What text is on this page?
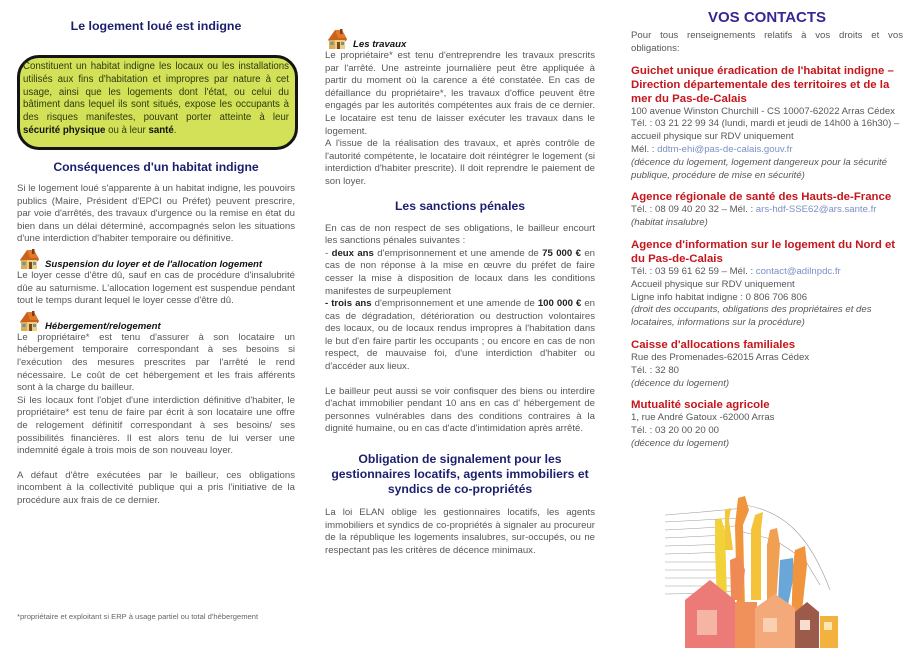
Le logement loué est indigne

Constituent un habitat indigne les locaux ou les installations utilisés aux fins d'habitation et impropres par nature à cet usage, ainsi que les logements dont l'état, ou celui du bâtiment dans lequel ils sont situés, expose les occupants à des risques manifestes, pouvant porter atteinte à leur sécurité physique ou à leur santé.

Conséquences d'un habitat indigne

Si le logement loué s'apparente à un habitat indigne, les pouvoirs publics (Maire, Président d'EPCI ou Préfet) peuvent prescrire, par voie d'arrêtés, des travaux d'urgence ou la remise en état du bien dans un délai déterminé, accompagnés selon les situations d'une interdiction d'habiter temporaire ou définitive.

Suspension du loyer et de l'allocation logement

Le loyer cesse d'être dû, sauf en cas de procédure d'insalubrité dûe au saturnisme. L'allocation logement est suspendue pendant tout le temps durant lequel le loyer cesse d'être dû.

Hébergement/relogement

Le propriétaire* est tenu d'assurer à son locataire un hébergement temporaire correspondant à ses besoins si l'exécution des mesures prescrites par l'arrêté le rend nécessaire. Le coût de cet hébergement et les frais afférents sont à la charge du bailleur.

Si les locaux font l'objet d'une interdiction définitive d'habiter, le propriétaire* est tenu de faire par écrit à son locataire une offre de relogement définitif correspondant à ses besoins/ ses possibilités financières. Il est alors tenu de lui verser une indemnité égale à trois mois de son nouveau loyer.

A défaut d'être exécutées par le bailleur, ces obligations incombent à la collectivité publique qui a pris l'initiative de la procédure aux frais de ce dernier.

*propriétaire et exploitant si ERP à usage partiel ou total d'hébergement
Les travaux

Le propriétaire* est tenu d'entreprendre les travaux prescrits par l'arrêté. Une astreinte journalière peut être appliquée à partir du moment où la carence a été constatée. En cas de défaillance du propriétaire*, les travaux d'office peuvent être engagés par les autorités compétentes aux frais de ce dernier. Le locataire est tenu de laisser exécuter les travaux dans le logement.

A l'issue de la réalisation des travaux, et après contrôle de l'autorité compétente, le locataire doit réintégrer le logement (si interdiction d'habiter prescrite). Il doit reprendre le paiement de son loyer.

Les sanctions pénales

En cas de non respect de ses obligations, le bailleur encourt les sanctions pénales suivantes :

- deux ans d'emprisonnement et une amende de 75 000 € en cas de non réponse à la mise en œuvre du préfet de faire cesser la mise à disposition de locaux dans les conditions manifestes de surpeuplement

- trois ans d'emprisonnement et une amende de 100 000 € en cas de dégradation, détérioration ou destruction volontaires des locaux, ou de locaux rendus impropres à l'habitation dans le but d'en faire partir les occupants ; ou encore en cas de non respect, de mauvaise foi, d'une interdiction d'habiter ou d'accéder aux lieux.

Le bailleur peut aussi se voir confisquer des biens ou interdire d'achat immobilier pendant 10 ans en cas d' hébergement de personnes vulnérables dans des conditions contraires à la dignité humaine, ou en cas d'acte d'intimidation après arrêté.

Obligation de signalement pour les gestionnaires locatifs, agents immobiliers et syndics de co-propriétés

La loi ELAN oblige les gestionnaires locatifs, les agents immobiliers et syndics de co-propriétés à signaler au procureur de la république les logements insalubres, sur-occupés, ou ne respectant pas les critères de décence minimaux.

VOS CONTACTS

Pour tous renseignements relatifs à vos droits et vos obligations:

Guichet unique éradication de l'habitat indigne – Direction départementale des territoires et de la mer du Pas-de-Calais

100 avenue Winston Churchill - CS 10007-62022 Arras Cédex

Tél. : 03 21 22 99 34 (lundi, mardi et jeudi de 14h00 à 16h30) – accueil physique sur RDV uniquement

Mél. : ddtm-ehi@pas-de-calais.gouv.fr

(décence du logement, logement dangereux pour la sécurité publique, procédure de mise en sécurité)

Agence régionale de santé des Hauts-de-France

Tél. : 08 09 40 20 32 – Mél. : ars-hdf-SSE62@ars.sante.fr

(habitat insalubre)

Agence d'information sur le logement du Nord et du Pas-de-Calais

Tél. : 03 59 61 62 59 – Mél. : contact@adilnpdc.fr

Accueil physique sur RDV uniquement

Ligne info habitat indigne : 0 806 706 806

(droit des occupants, obligations des propriétaires et des locataires, informations sur la procédure)

Caisse d'allocations familiales

Rue des Promenades-62015 Arras Cédex

Tél. : 32 80

(décence du logement)

Mutualité sociale agricole

1, rue André Gatoux -62000 Arras

Tél. : 03 20 00 20 00

(décence du logement)
